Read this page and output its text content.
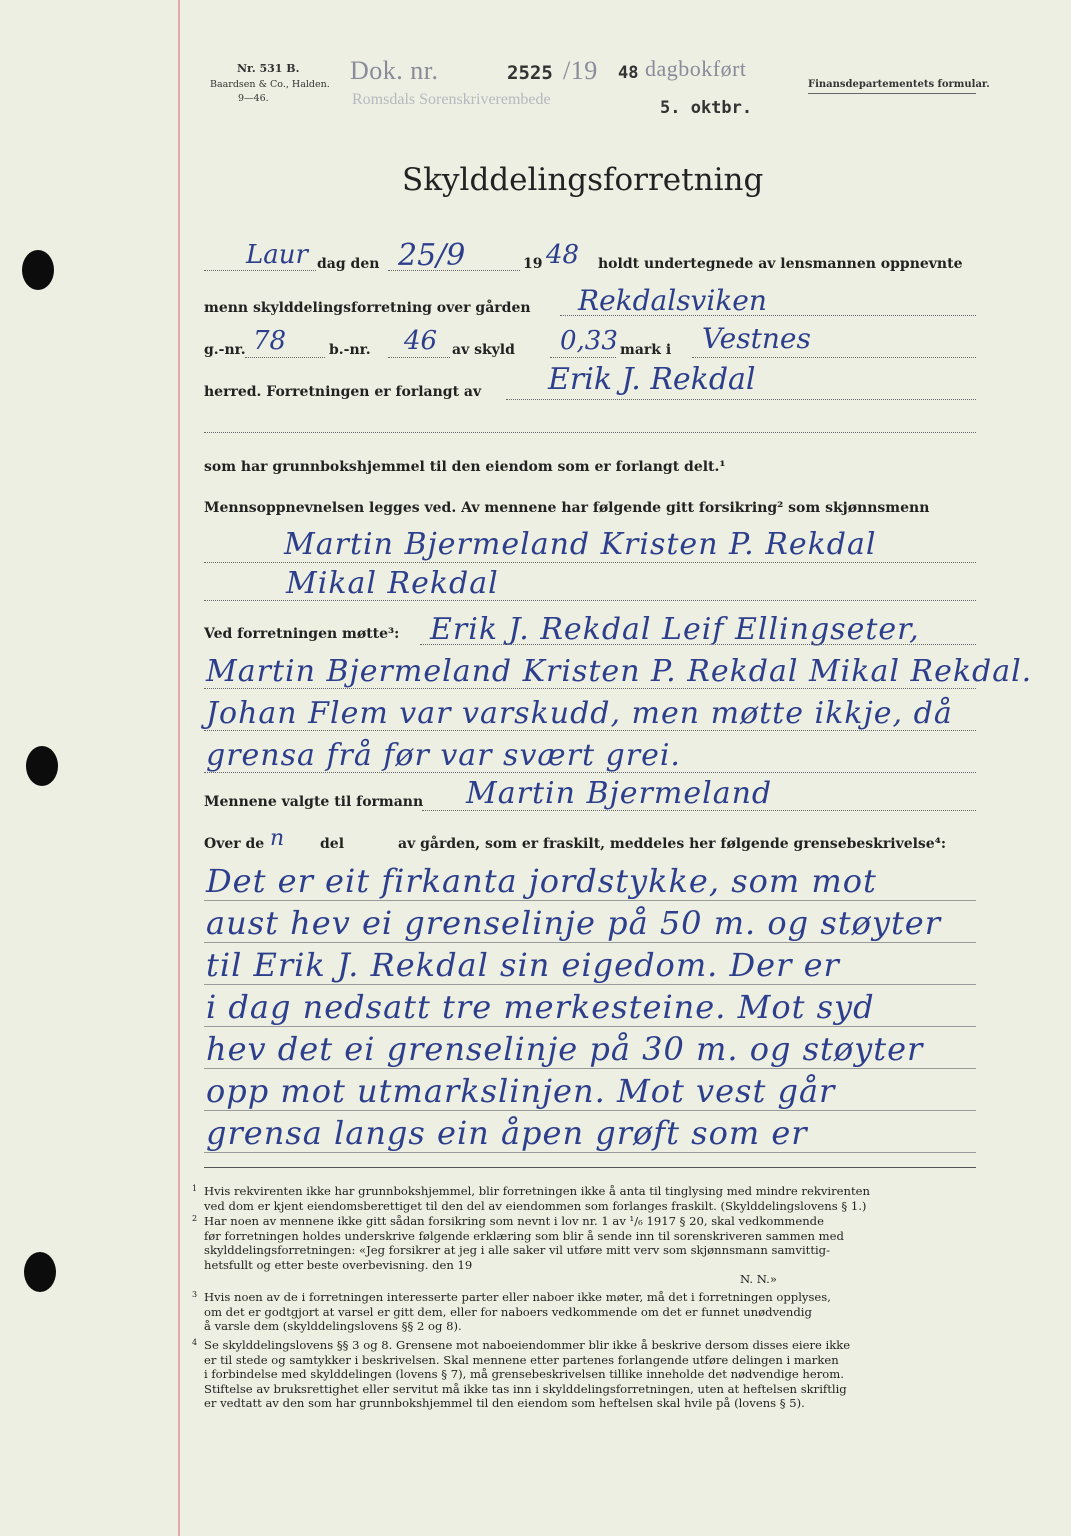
Nr. 531 B.
Baardsen & Co., Halden.
9—46.
Dok. nr.	2525 /19 48 dagbokført
Romsdals Sorenskriverembede	5. oktbr.
Finansdepartementets formular.
Skylddelingsforretning
Laur dag den 25/9	19 48 holdt undertegnede av lensmannen oppnevnte
menn skylddelingsforretning over gården Rekdalsviken
g.-nr. 78	b.-nr. 46 av skyld 0,33 mark i Vestnes
herred. Forretningen er forlangt av Erik J. Rekdal
som har grunnbokshjemmel til den eiendom som er forlangt delt.¹
Mennsoppnevnelsen legges ved. Av mennene har følgende gitt forsikring² som skjønnsmenn
Martin Bjermeland Kristen P. Rekdal
Mikal Rekdal
Ved forretningen møtte³: Erik J. Rekdal Leif Ellingseter,
Martin Bjermeland Kristen P. Rekdal Mikal Rekdal.
Johan Flem var varskudd, men møtte ikkje, då
grensa frå før var svært grei.
Mennene valgte til formann Martin Bjermeland
Over de n	del	av gården, som er fraskilt, meddeles her følgende grensebeskrivelse⁴:
Det er eit firkanta jordstykke, som mot
aust hev ei grenselinje på 50 m. og støyter
til Erik J. Rekdal sin eigedom. Der er
i dag nedsatt tre merkesteine. Mot syd
hev det ei grenselinje på 30 m. og støyter
opp mot utmarkslinjen. Mot vest går
grensa langs ein åpen grøft som er
1 Hvis rekvirenten ikke har grunnbokshjemmel, blir forretningen ikke å anta til tinglysing med mindre rekvirenten
ved dom er kjent eiendomsberettiget til den del av eiendommen som forlanges fraskilt. (Skylddelingslovens § 1.)
2 Har noen av mennene ikke gitt sådan forsikring som nevnt i lov nr. 1 av ¹/₆ 1917 § 20, skal vedkommende
før forretningen holdes underskrive følgende erklæring som blir å sende inn til sorenskriveren sammen med
skylddelingsforretningen: «Jeg forsikrer at jeg i alle saker vil utføre mitt verv som skjønnsmann samvittig-
hetsfullt og etter beste overbevisning. den 19
N. N.»
3 Hvis noen av de i forretningen interesserte parter eller naboer ikke møter, må det i forretningen opplyses,
om det er godtgjort at varsel er gitt dem, eller for naboers vedkommende om det er funnet unødvendig
å varsle dem (skylddelingslovens §§ 2 og 8).
4 Se skylddelingslovens §§ 3 og 8. Grensene mot naboeiendommer blir ikke å beskrive dersom disses eiere ikke
er til stede og samtykker i beskrivelsen. Skal mennene etter partenes forlangende utføre delingen i marken
i forbindelse med skylddelingen (lovens § 7), må grensebeskrivelsen tillike inneholde det nødvendige herom.
Stiftelse av bruksrettighet eller servitut må ikke tas inn i skylddelingsforretningen, uten at heftelsen skriftlig
er vedtatt av den som har grunnbokshjemmel til den eiendom som heftelsen skal hvile på (lovens § 5).
